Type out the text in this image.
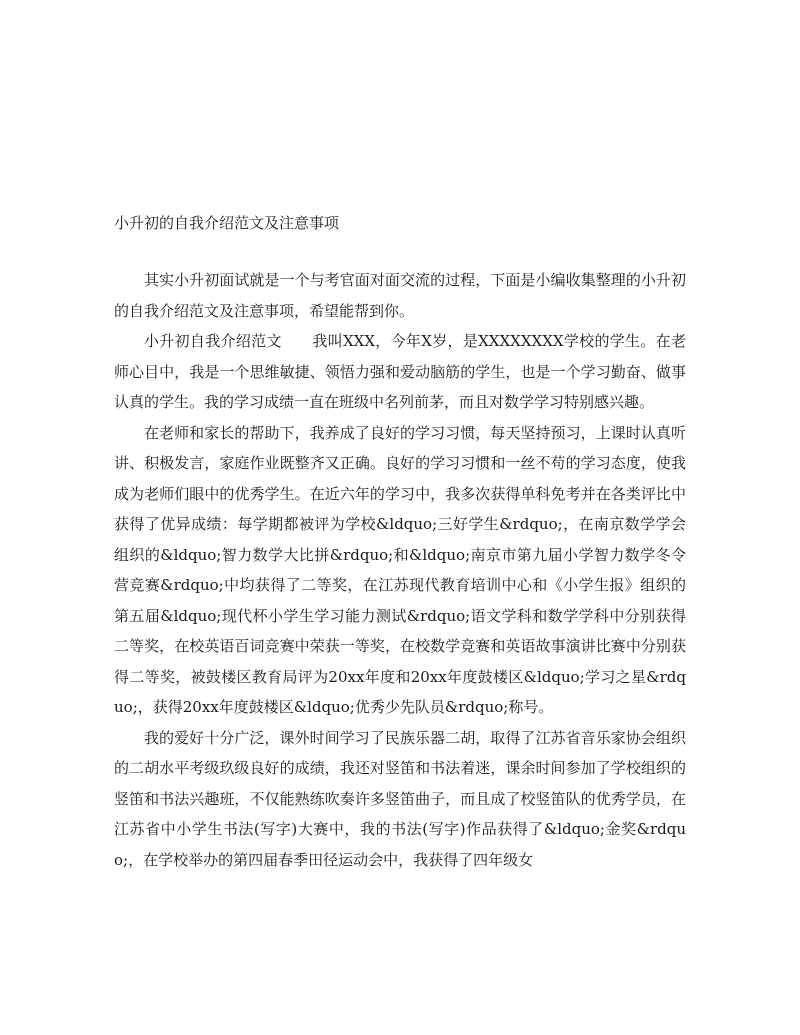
小升初的自我介绍范文及注意事项

其实小升初面试就是一个与考官面对面交流的过程，下面是小编收集整理的小升初的自我介绍范文及注意事项，希望能帮到你。

小升初自我介绍范文　　我叫XXX，今年X岁，是XXXXXXXX学校的学生。在老师心目中，我是一个思维敏捷、领悟力强和爱动脑筋的学生，也是一个学习勤奋、做事认真的学生。我的学习成绩一直在班级中名列前茅，而且对数学学习特别感兴趣。

在老师和家长的帮助下，我养成了良好的学习习惯，每天坚持预习，上课时认真听讲、积极发言，家庭作业既整齐又正确。良好的学习习惯和一丝不苟的学习态度，使我成为老师们眼中的优秀学生。在近六年的学习中，我多次获得单科免考并在各类评比中获得了优异成绩：每学期都被评为学校&ldquo;三好学生&rdquo;，在南京数学学会组织的&ldquo;智力数学大比拼&rdquo;和&ldquo;南京市第九届小学智力数学冬令营竞赛&rdquo;中均获得了二等奖，在江苏现代教育培训中心和《小学生报》组织的第五届&ldquo;现代杯小学生学习能力测试&rdquo;语文学科和数学学科中分别获得二等奖，在校英语百词竞赛中荣获一等奖，在校数学竞赛和英语故事演讲比赛中分别获得二等奖，被鼓楼区教育局评为20xx年度和20xx年度鼓楼区&ldquo;学习之星&rdquo;，获得20xx年度鼓楼区&ldquo;优秀少先队员&rdquo;称号。

我的爱好十分广泛，课外时间学习了民族乐器二胡，取得了江苏省音乐家协会组织的二胡水平考级玖级良好的成绩，我还对竖笛和书法着迷，课余时间参加了学校组织的竖笛和书法兴趣班，不仅能熟练吹奏许多竖笛曲子，而且成了校竖笛队的优秀学员，在江苏省中小学生书法(写字)大赛中，我的书法(写字)作品获得了&ldquo;金奖&rdquo;，在学校举办的第四届春季田径运动会中，我获得了四年级女
